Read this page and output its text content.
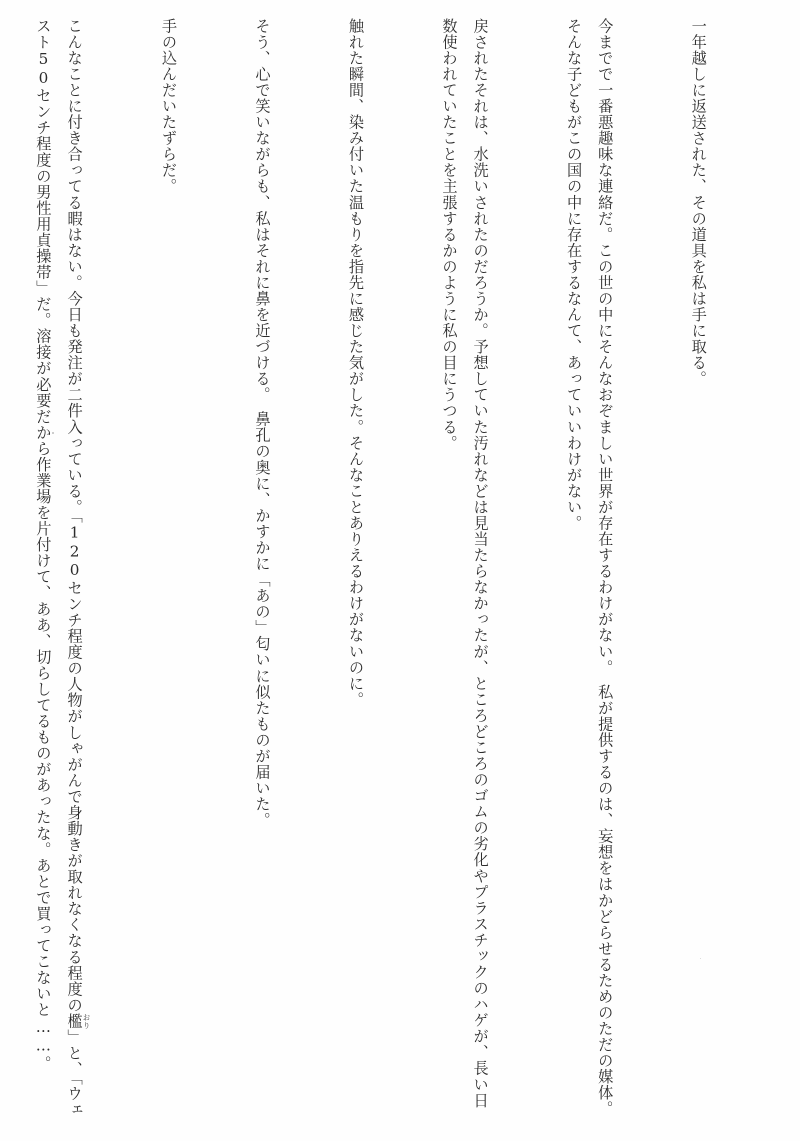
一年越しに返送された、その道具を私は手に取る。

今までで一番悪趣味な連絡だ。この世の中にそんなおぞましい世界が存在するわけがない。　私が提供するのは、妄想をはかどらせるためのただの媒体。そんな子どもがこの国の中に存在するなんて、あっていいわけがない。

戻されたそれは、水洗いされたのだろうか。予想していた汚れなどは見当たらなかったが、ところどころのゴムの劣化やプラスチックのハゲが、長い日数使われていたことを主張するかのように私の目にうつる。

触れた瞬間、染み付いた温もりを指先に感じた気がした。そんなことありえるわけがないのに。

そう、心で笑いながらも、私はそれに鼻を近づける。　鼻孔の奥に、かすかに「あの」匂いに似たものが届いた。

手の込んだいたずらだ。

こんなことに付き合ってる暇はない。今日も発注が二件入っている。「120センチ程度の人物がしゃがんで身動きが取れなくなる程度の檻おり」と、「ウェスト50センチ程度の男性用貞操帯」だ。溶接が必要だから作業場を片付けて、ああ、切らしてるものがあったな。あとで買ってこないと……。
